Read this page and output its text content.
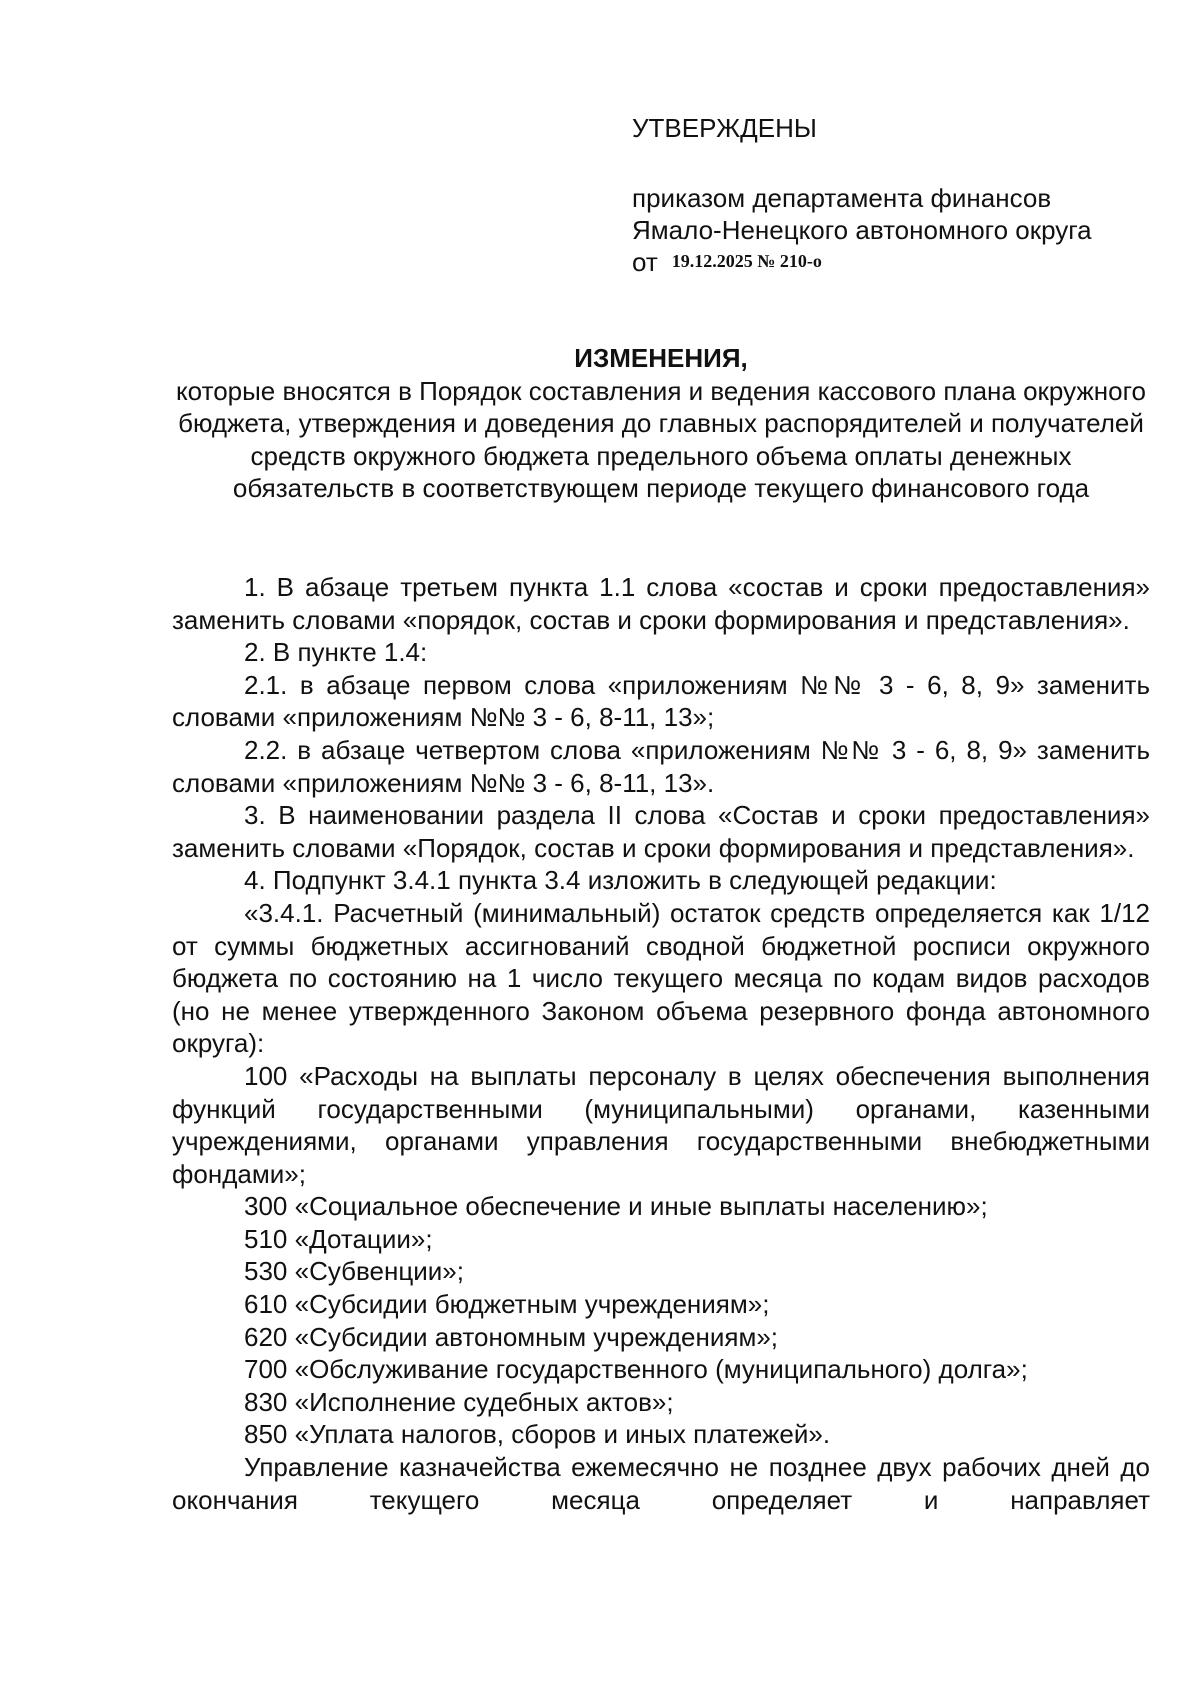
УТВЕРЖДЕНЫ

приказом департамента финансов

Ямало-Ненецкого автономного округа

от 19.12.2025 № 210-о

ИЗМЕНЕНИЯ,

которые вносятся в Порядок составления и ведения кассового плана окружного бюджета, утверждения и доведения до главных распорядителей и получателей средств окружного бюджета предельного объема оплаты денежных обязательств в соответствующем периоде текущего финансового года

1. В абзаце третьем пункта 1.1 слова «состав и сроки предоставления» заменить словами «порядок, состав и сроки формирования и представления».

2. В пункте 1.4:

2.1. в абзаце первом слова «приложениям №№ 3 - 6, 8, 9» заменить словами «приложениям №№ 3 - 6, 8-11, 13»;

2.2. в абзаце четвертом слова «приложениям №№ 3 - 6, 8, 9» заменить словами «приложениям №№ 3 - 6, 8-11, 13».

3. В наименовании раздела II слова «Состав и сроки предоставления» заменить словами «Порядок, состав и сроки формирования и представления».

4. Подпункт 3.4.1 пункта 3.4 изложить в следующей редакции:

«3.4.1. Расчетный (минимальный) остаток средств определяется как 1/12 от суммы бюджетных ассигнований сводной бюджетной росписи окружного бюджета по состоянию на 1 число текущего месяца по кодам видов расходов (но не менее утвержденного Законом объема резервного фонда автономного округа):

100 «Расходы на выплаты персоналу в целях обеспечения выполнения функций государственными (муниципальными) органами, казенными учреждениями, органами управления государственными внебюджетными фондами»;

300 «Социальное обеспечение и иные выплаты населению»;

510 «Дотации»;

530 «Субвенции»;

610 «Субсидии бюджетным учреждениям»;

620 «Субсидии автономным учреждениям»;

700 «Обслуживание государственного (муниципального) долга»;

830 «Исполнение судебных актов»;

850 «Уплата налогов, сборов и иных платежей».

Управление казначейства ежемесячно не позднее двух рабочих дней до окончания текущего месяца определяет и направляет
